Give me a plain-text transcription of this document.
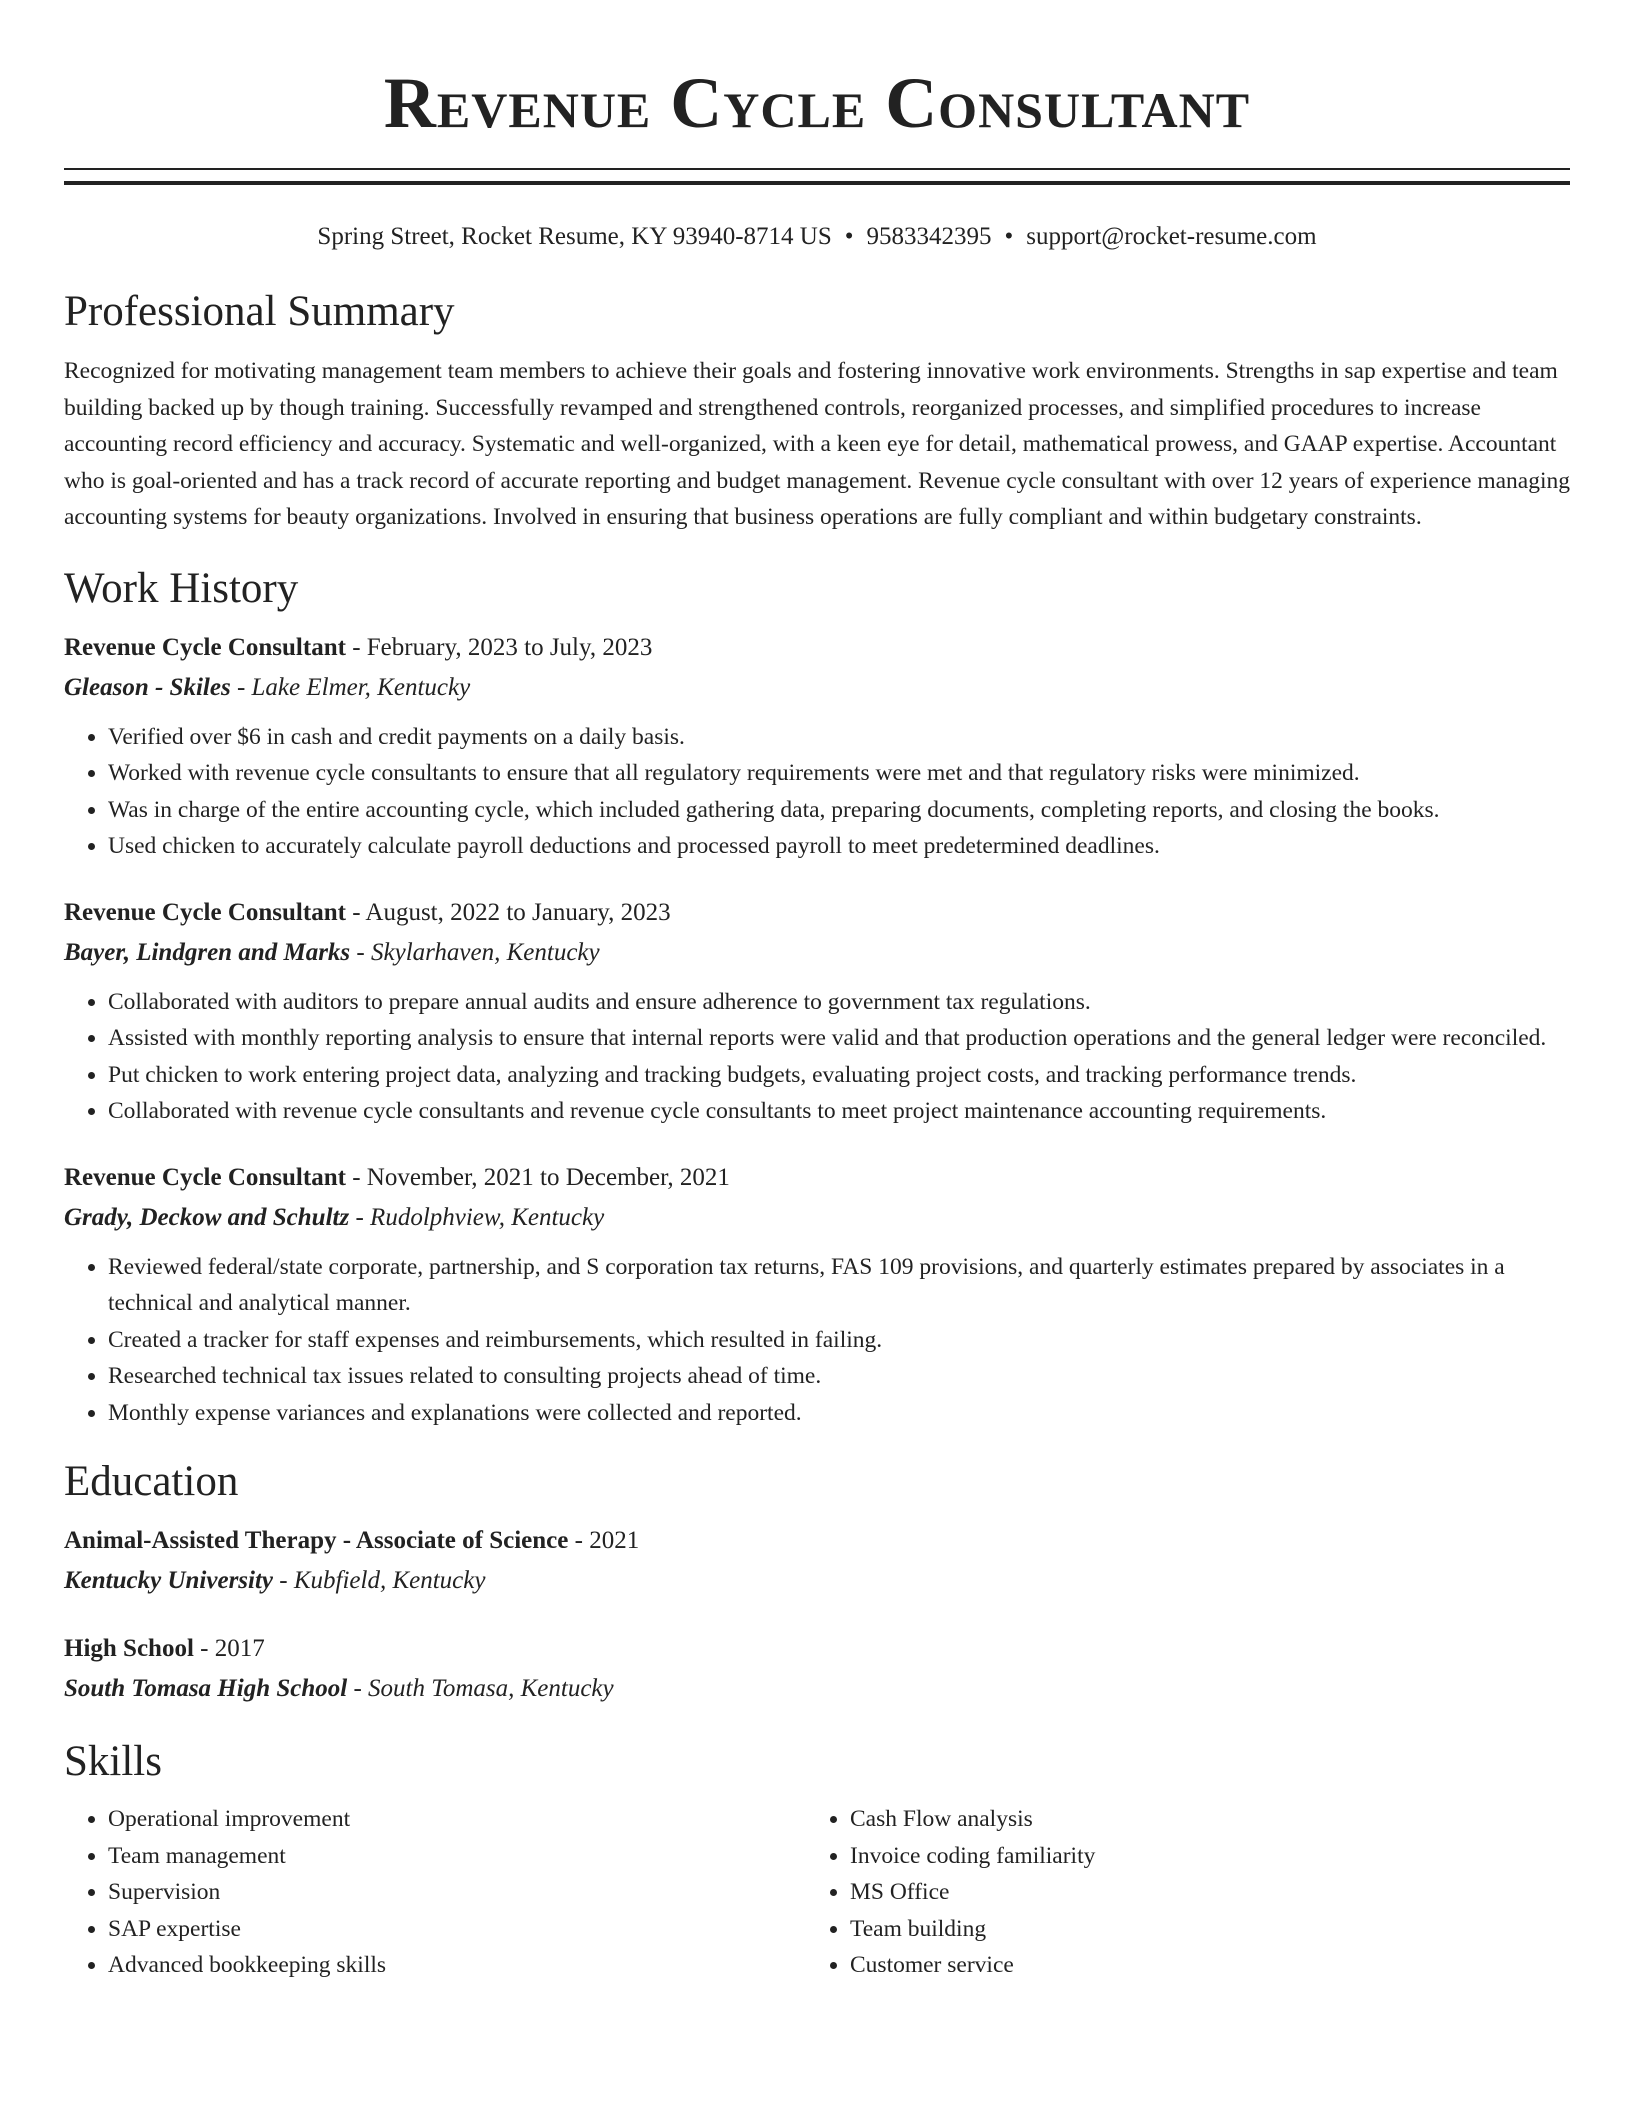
Revenue Cycle Consultant
Spring Street, Rocket Resume, KY 93940-8714 US • 9583342395 • support@rocket-resume.com
Professional Summary
Recognized for motivating management team members to achieve their goals and fostering innovative work environments. Strengths in sap expertise and team building backed up by though training. Successfully revamped and strengthened controls, reorganized processes, and simplified procedures to increase accounting record efficiency and accuracy. Systematic and well-organized, with a keen eye for detail, mathematical prowess, and GAAP expertise. Accountant who is goal-oriented and has a track record of accurate reporting and budget management. Revenue cycle consultant with over 12 years of experience managing accounting systems for beauty organizations. Involved in ensuring that business operations are fully compliant and within budgetary constraints.
Work History
Revenue Cycle Consultant - February, 2023 to July, 2023
Gleason - Skiles - Lake Elmer, Kentucky
• Verified over $6 in cash and credit payments on a daily basis.
• Worked with revenue cycle consultants to ensure that all regulatory requirements were met and that regulatory risks were minimized.
• Was in charge of the entire accounting cycle, which included gathering data, preparing documents, completing reports, and closing the books.
• Used chicken to accurately calculate payroll deductions and processed payroll to meet predetermined deadlines.
Revenue Cycle Consultant - August, 2022 to January, 2023
Bayer, Lindgren and Marks - Skylarhaven, Kentucky
• Collaborated with auditors to prepare annual audits and ensure adherence to government tax regulations.
• Assisted with monthly reporting analysis to ensure that internal reports were valid and that production operations and the general ledger were reconciled.
• Put chicken to work entering project data, analyzing and tracking budgets, evaluating project costs, and tracking performance trends.
• Collaborated with revenue cycle consultants and revenue cycle consultants to meet project maintenance accounting requirements.
Revenue Cycle Consultant - November, 2021 to December, 2021
Grady, Deckow and Schultz - Rudolphview, Kentucky
• Reviewed federal/state corporate, partnership, and S corporation tax returns, FAS 109 provisions, and quarterly estimates prepared by associates in a technical and analytical manner.
• Created a tracker for staff expenses and reimbursements, which resulted in failing.
• Researched technical tax issues related to consulting projects ahead of time.
• Monthly expense variances and explanations were collected and reported.
Education
Animal-Assisted Therapy - Associate of Science - 2021
Kentucky University - Kubfield, Kentucky
High School - 2017
South Tomasa High School - South Tomasa, Kentucky
Skills
• Operational improvement
• Team management
• Supervision
• SAP expertise
• Advanced bookkeeping skills
• Cash Flow analysis
• Invoice coding familiarity
• MS Office
• Team building
• Customer service
